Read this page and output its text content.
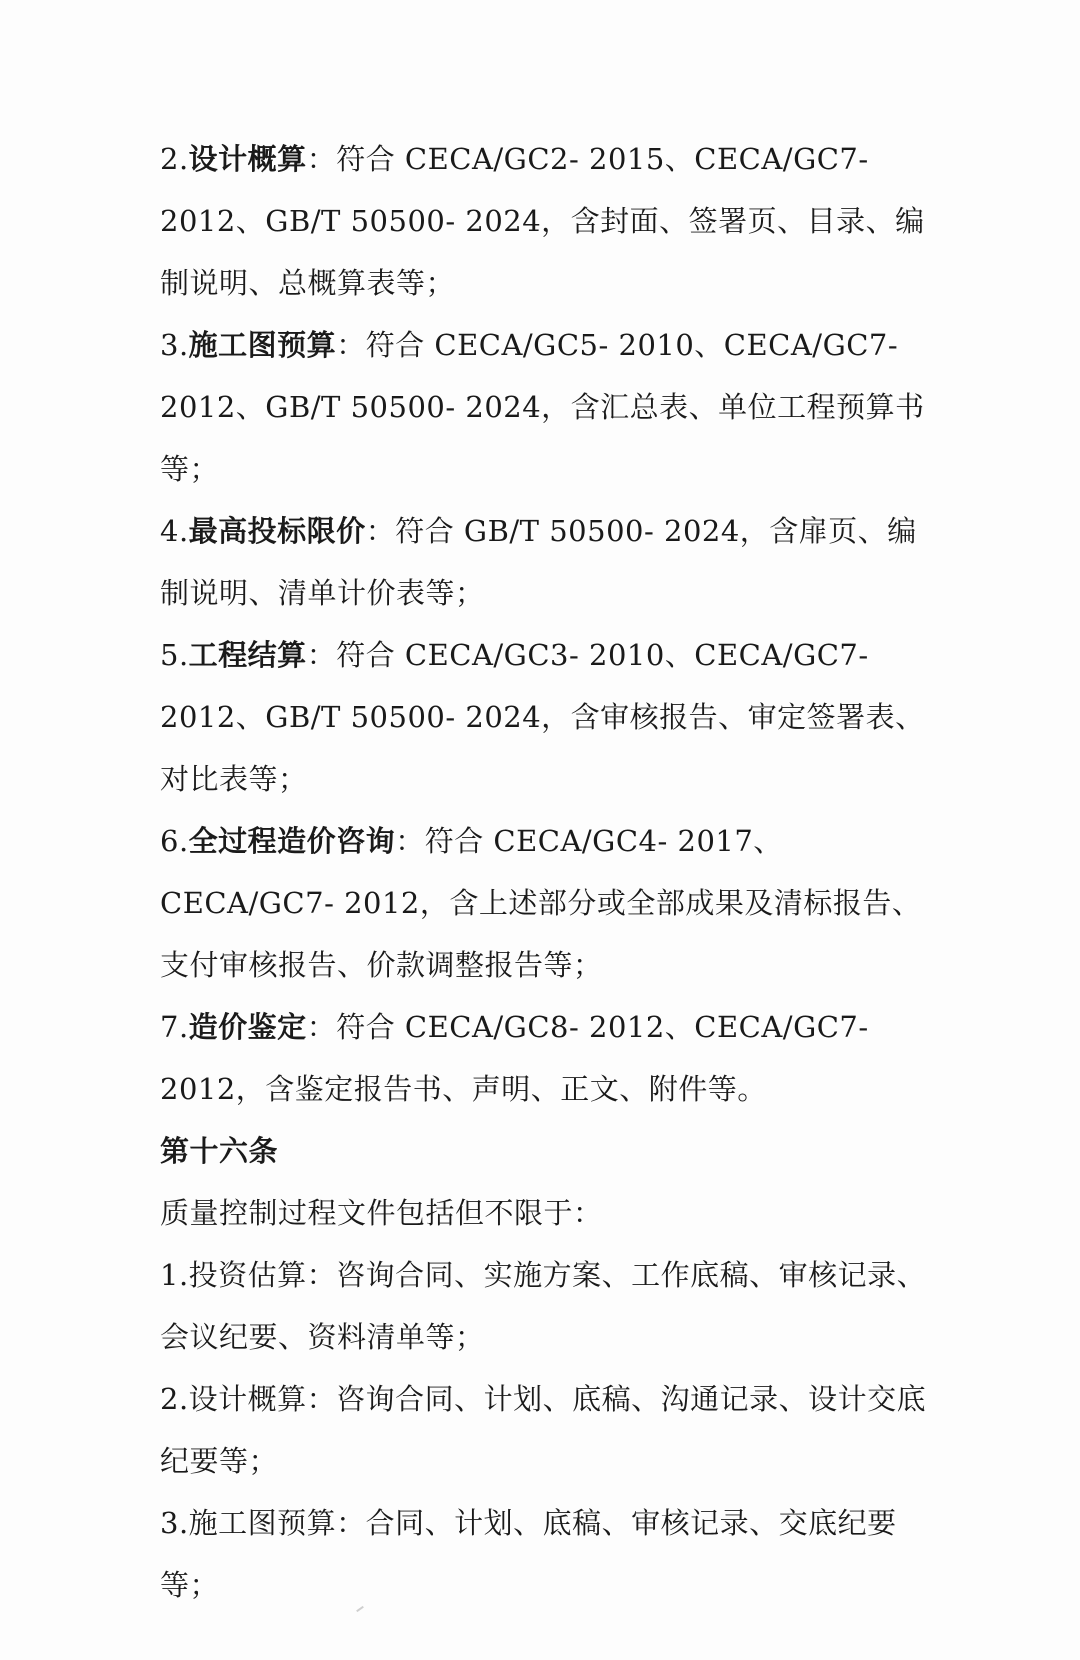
2.设计概算：符合 CECA/GC2- 2015、CECA/GC7- 2012、GB/T 50500- 2024，含封面、签署页、目录、编制说明、总概算表等；

3.施工图预算：符合 CECA/GC5- 2010、CECA/GC7- 2012、GB/T 50500- 2024，含汇总表、单位工程预算书等；

4.最高投标限价：符合 GB/T 50500- 2024，含扉页、编制说明、清单计价表等；

5.工程结算：符合 CECA/GC3- 2010、CECA/GC7- 2012、GB/T 50500- 2024，含审核报告、审定签署表、对比表等；

6.全过程造价咨询：符合 CECA/GC4- 2017、CECA/GC7- 2012，含上述部分或全部成果及清标报告、支付审核报告、价款调整报告等；

7.造价鉴定：符合 CECA/GC8- 2012、CECA/GC7- 2012，含鉴定报告书、声明、正文、附件等。

第十六条

质量控制过程文件包括但不限于：

1.投资估算：咨询合同、实施方案、工作底稿、审核记录、会议纪要、资料清单等；

2.设计概算：咨询合同、计划、底稿、沟通记录、设计交底纪要等；

3.施工图预算：合同、计划、底稿、审核记录、交底纪要等；
